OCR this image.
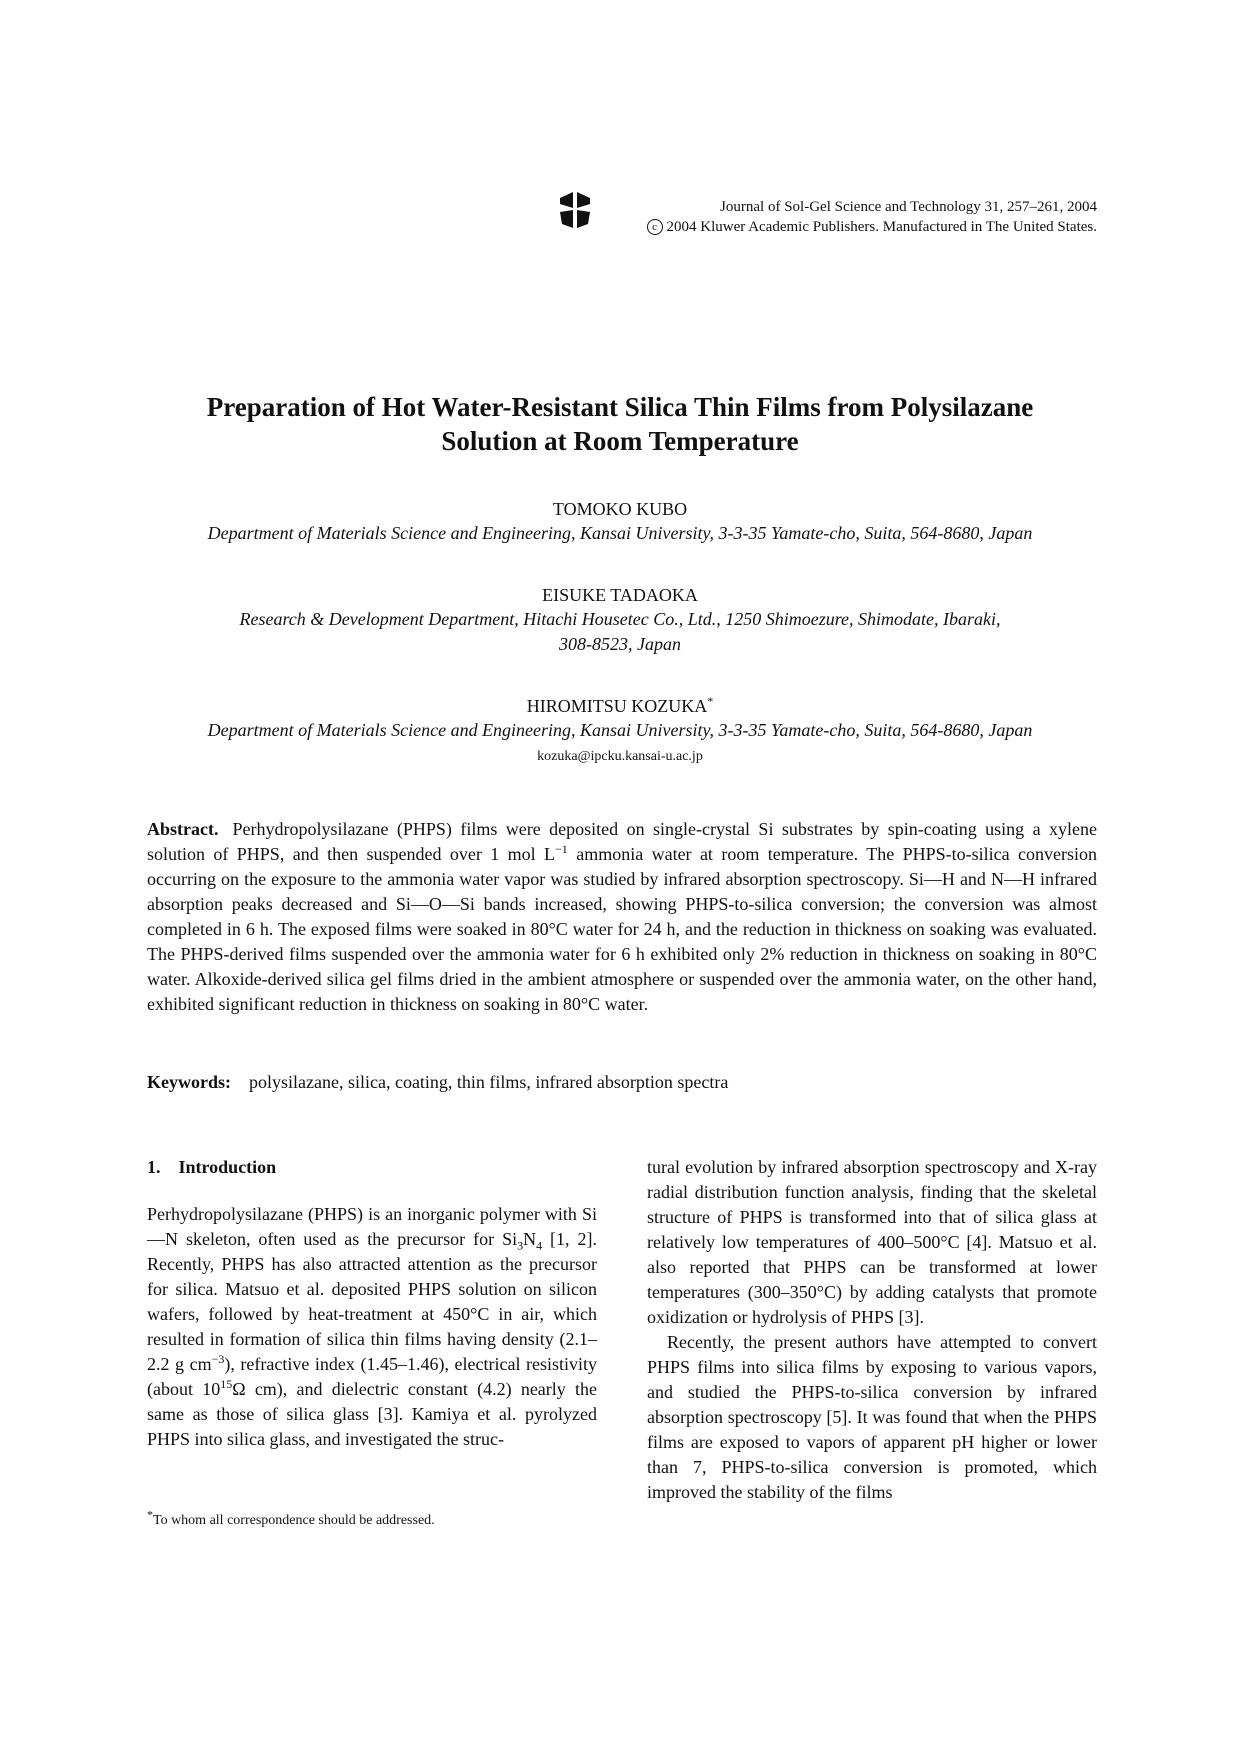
Journal of Sol-Gel Science and Technology 31, 257–261, 2004
c 2004 Kluwer Academic Publishers. Manufactured in The United States.
Preparation of Hot Water-Resistant Silica Thin Films from Polysilazane
Solution at Room Temperature
TOMOKO KUBO
Department of Materials Science and Engineering, Kansai University, 3-3-35 Yamate-cho, Suita, 564-8680, Japan
EISUKE TADAOKA
Research & Development Department, Hitachi Housetec Co., Ltd., 1250 Shimoezure, Shimodate, Ibaraki,
308-8523, Japan
HIROMITSU KOZUKA*
Department of Materials Science and Engineering, Kansai University, 3-3-35 Yamate-cho, Suita, 564-8680, Japan
kozuka@ipcku.kansai-u.ac.jp
Abstract. Perhydropolysilazane (PHPS) films were deposited on single-crystal Si substrates by spin-coating using a xylene solution of PHPS, and then suspended over 1 mol $L^{-1}$ ammonia water at room temperature. The PHPS-to-silica conversion occurring on the exposure to the ammonia water vapor was studied by infrared absorption spectroscopy. Si—H and N—H infrared absorption peaks decreased and Si—O—Si bands increased, showing PHPS-to-silica conversion; the conversion was almost completed in 6 h. The exposed films were soaked in 80°C water for 24 h, and the reduction in thickness on soaking was evaluated. The PHPS-derived films suspended over the ammonia water for 6 h exhibited only 2% reduction in thickness on soaking in 80°C water. Alkoxide-derived silica gel films dried in the ambient atmosphere or suspended over the ammonia water, on the other hand, exhibited significant reduction in thickness on soaking in 80°C water.
Keywords: polysilazane, silica, coating, thin films, infrared absorption spectra
1. Introduction

Perhydropolysilazane (PHPS) is an inorganic polymer with Si—N skeleton, often used as the precursor for $Si_3N_4$ [1, 2]. Recently, PHPS has also attracted attention as the precursor for silica. Matsuo et al. deposited PHPS solution on silicon wafers, followed by heat-treatment at 450°C in air, which resulted in formation of silica thin films having density (2.1–2.2 g $cm^{-3}$), refractive index (1.45–1.46), electrical resistivity (about $10^{15}\Omega$ cm), and dielectric constant (4.2) nearly the same as those of silica glass [3]. Kamiya et al. pyrolyzed PHPS into silica glass, and investigated the struc-

*To whom all correspondence should be addressed.

tural evolution by infrared absorption spectroscopy and X-ray radial distribution function analysis, finding that the skeletal structure of PHPS is transformed into that of silica glass at relatively low temperatures of 400–500°C [4]. Matsuo et al. also reported that PHPS can be transformed at lower temperatures (300–350°C) by adding catalysts that promote oxidization or hydrolysis of PHPS [3].

Recently, the present authors have attempted to convert PHPS films into silica films by exposing to various vapors, and studied the PHPS-to-silica conversion by infrared absorption spectroscopy [5]. It was found that when the PHPS films are exposed to vapors of apparent pH higher or lower than 7, PHPS-to-silica conversion is promoted, which improved the stability of the films
